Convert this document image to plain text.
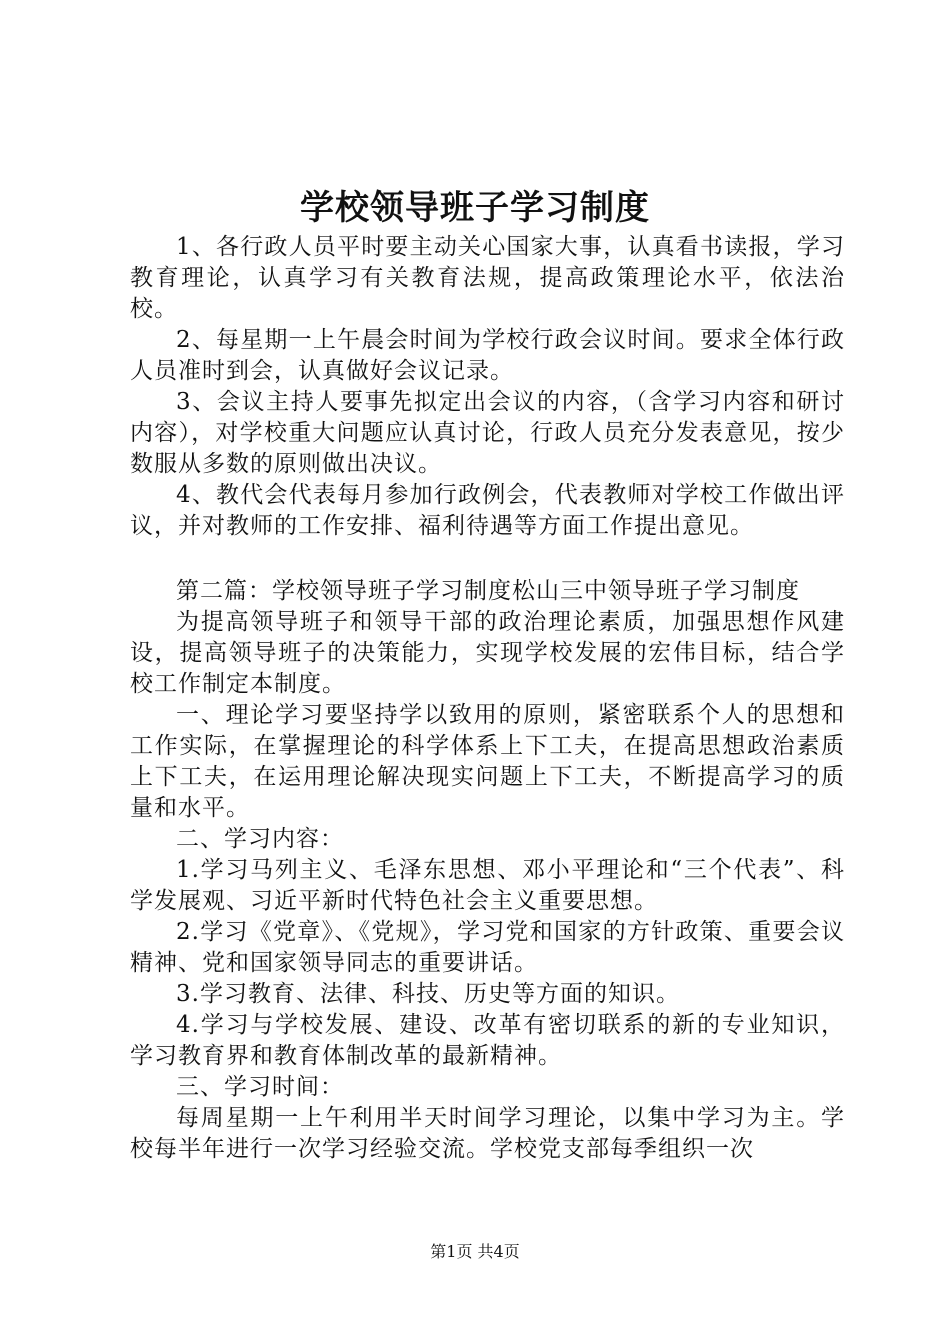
学校领导班子学习制度

1、各行政人员平时要主动关心国家大事，认真看书读报，学习教育理论，认真学习有关教育法规，提高政策理论水平，依法治校。

2、每星期一上午晨会时间为学校行政会议时间。要求全体行政人员准时到会，认真做好会议记录。

3、会议主持人要事先拟定出会议的内容，（含学习内容和研讨内容），对学校重大问题应认真讨论，行政人员充分发表意见，按少数服从多数的原则做出决议。

4、教代会代表每月参加行政例会，代表教师对学校工作做出评议，并对教师的工作安排、福利待遇等方面工作提出意见。

第二篇：学校领导班子学习制度松山三中领导班子学习制度

为提高领导班子和领导干部的政治理论素质，加强思想作风建设，提高领导班子的决策能力，实现学校发展的宏伟目标，结合学校工作制定本制度。

一、理论学习要坚持学以致用的原则，紧密联系个人的思想和工作实际，在掌握理论的科学体系上下工夫，在提高思想政治素质上下工夫，在运用理论解决现实问题上下工夫，不断提高学习的质量和水平。

二、学习内容：

1.学习马列主义、毛泽东思想、邓小平理论和“三个代表”、科学发展观、习近平新时代特色社会主义重要思想。

2.学习《党章》、《党规》，学习党和国家的方针政策、重要会议精神、党和国家领导同志的重要讲话。

3.学习教育、法律、科技、历史等方面的知识。

4.学习与学校发展、建设、改革有密切联系的新的专业知识，学习教育界和教育体制改革的最新精神。

三、学习时间：

每周星期一上午利用半天时间学习理论，以集中学习为主。学校每半年进行一次学习经验交流。学校党支部每季组织一次

第1页 共4页
